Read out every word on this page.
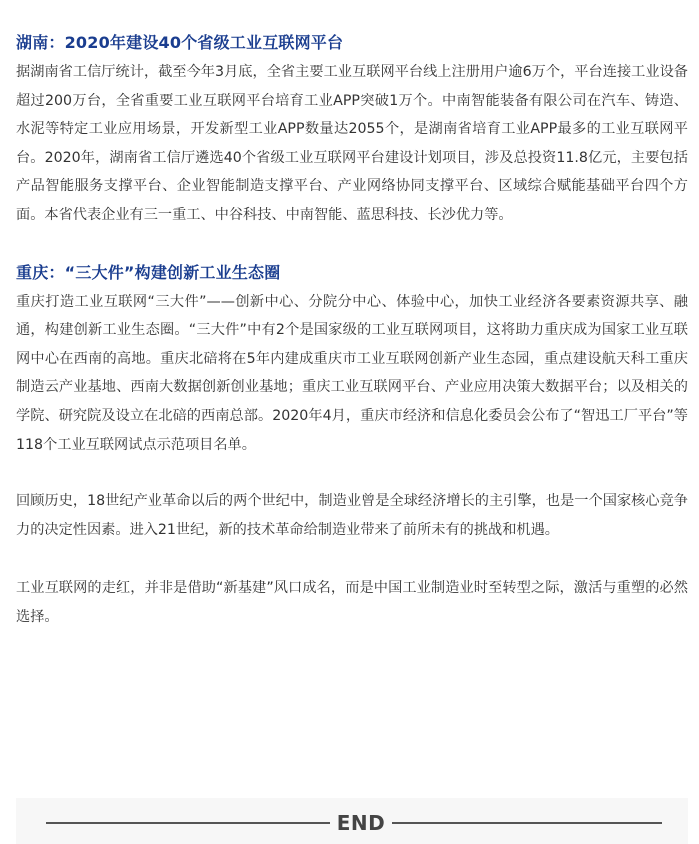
湖南：2020年建设40个省级工业互联网平台

据湖南省工信厅统计，截至今年3月底，全省主要工业互联网平台线上注册用户逾6万个，平台连接工业设备超过200万台，全省重要工业互联网平台培育工业APP突破1万个。中南智能装备有限公司在汽车、铸造、水泥等特定工业应用场景，开发新型工业APP数量达2055个，是湖南省培育工业APP最多的工业互联网平台。2020年，湖南省工信厅遴选40个省级工业互联网平台建设计划项目，涉及总投资11.8亿元，主要包括产品智能服务支撑平台、企业智能制造支撑平台、产业网络协同支撑平台、区域综合赋能基础平台四个方面。本省代表企业有三一重工、中谷科技、中南智能、蓝思科技、长沙优力等。

重庆：“三大件”构建创新工业生态圈

重庆打造工业互联网“三大件”——创新中心、分院分中心、体验中心，加快工业经济各要素资源共享、融通，构建创新工业生态圈。“三大件”中有2个是国家级的工业互联网项目，这将助力重庆成为国家工业互联网中心在西南的高地。重庆北碚将在5年内建成重庆市工业互联网创新产业生态园，重点建设航天科工重庆制造云产业基地、西南大数据创新创业基地；重庆工业互联网平台、产业应用决策大数据平台；以及相关的学院、研究院及设立在北碚的西南总部。2020年4月，重庆市经济和信息化委员会公布了“智迅工厂平台”等118个工业互联网试点示范项目名单。

回顾历史，18世纪产业革命以后的两个世纪中，制造业曾是全球经济增长的主引擎，也是一个国家核心竞争力的决定性因素。进入21世纪，新的技术革命给制造业带来了前所未有的挑战和机遇。

工业互联网的走红，并非是借助“新基建”风口成名，而是中国工业制造业时至转型之际，激活与重塑的必然选择。

END
